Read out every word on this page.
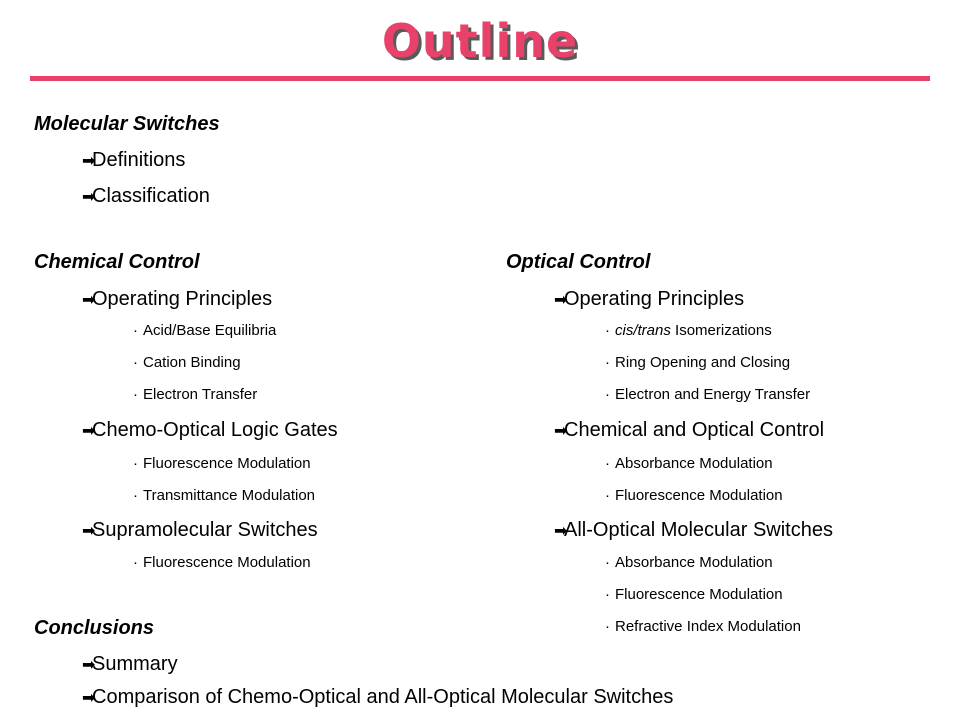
Outline
Molecular Switches
➡Definitions
➡Classification
Chemical Control
➡Operating Principles
· Acid/Base Equilibria
· Cation Binding
· Electron Transfer
➡Chemo-Optical Logic Gates
· Fluorescence Modulation
· Transmittance Modulation
➡Supramolecular Switches
· Fluorescence Modulation
Conclusions
➡Summary
➡Comparison of Chemo-Optical and All-Optical Molecular Switches
Optical Control
➡Operating Principles
· cis/trans Isomerizations
· Ring Opening and Closing
· Electron and Energy Transfer
➡Chemical and Optical Control
· Absorbance Modulation
· Fluorescence Modulation
➡All-Optical Molecular Switches
· Absorbance Modulation
· Fluorescence Modulation
· Refractive Index Modulation
